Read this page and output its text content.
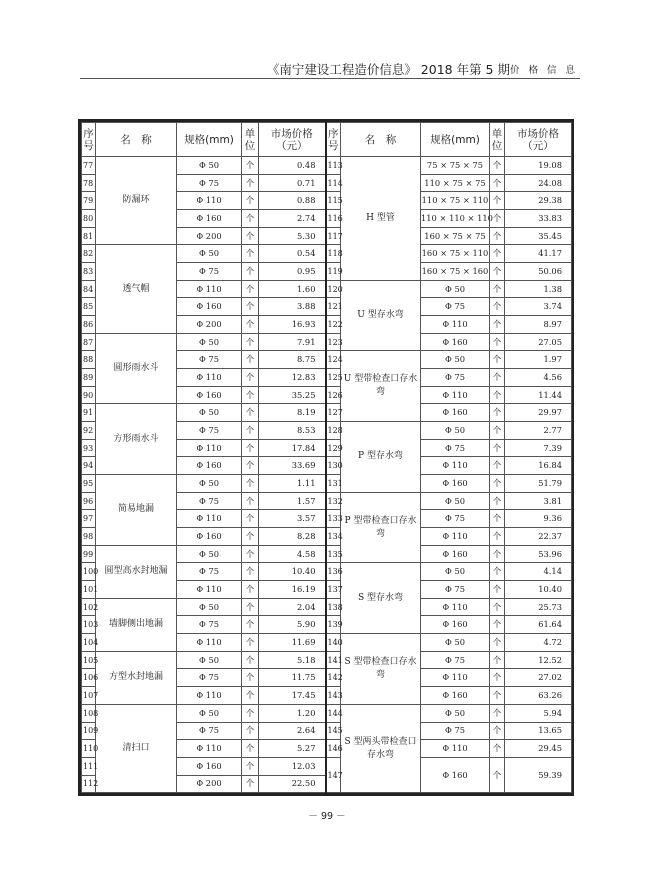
《南宁建设工程造价信息》 2018 年第 5 期 价 格 信 息
序号	名　称	规格(mm)	单位	市场价格（元）	序号	名　称	规格(mm)	单位	市场价格（元）
77	防漏环	Φ 50	个	0.48	113	H 型管	75 × 75 × 75	个	19.08
78		Φ 75	个	0.71	114		110 × 75 × 75	个	24.08
79		Φ 110	个	0.88	115		110 × 75 × 110	个	29.38
80		Φ 160	个	2.74	116		110 × 110 × 110	个	33.83
81		Φ 200	个	5.30	117		160 × 75 × 75	个	35.45
82	透气帽	Φ 50	个	0.54	118		160 × 75 × 110	个	41.17
83		Φ 75	个	0.95	119		160 × 75 × 160	个	50.06
84		Φ 110	个	1.60	120	U 型存水弯	Φ 50	个	1.38
85		Φ 160	个	3.88	121		Φ 75	个	3.74
86		Φ 200	个	16.93	122		Φ 110	个	8.97
87	圆形雨水斗	Φ 50	个	7.91	123		Φ 160	个	27.05
88		Φ 75	个	8.75	124	U 型带检查口存水弯	Φ 50	个	1.97
89		Φ 110	个	12.83	125		Φ 75	个	4.56
90		Φ 160	个	35.25	126		Φ 110	个	11.44
91	方形雨水斗	Φ 50	个	8.19	127		Φ 160	个	29.97
92		Φ 75	个	8.53	128	P 型存水弯	Φ 50	个	2.77
93		Φ 110	个	17.84	129		Φ 75	个	7.39
94		Φ 160	个	33.69	130		Φ 110	个	16.84
95	简易地漏	Φ 50	个	1.11	131		Φ 160	个	51.79
96		Φ 75	个	1.57	132	P 型带检查口存水弯	Φ 50	个	3.81
97		Φ 110	个	3.57	133		Φ 75	个	9.36
98		Φ 160	个	8.28	134		Φ 110	个	22.37
99	圆型高水封地漏	Φ 50	个	4.58	135		Φ 160	个	53.96
100		Φ 75	个	10.40	136	S 型存水弯	Φ 50	个	4.14
101		Φ 110	个	16.19	137		Φ 75	个	10.40
102	墙脚侧出地漏	Φ 50	个	2.04	138		Φ 110	个	25.73
103		Φ 75	个	5.90	139		Φ 160	个	61.64
104		Φ 110	个	11.69	140	S 型带检查口存水弯	Φ 50	个	4.72
105	方型水封地漏	Φ 50	个	5.18	141		Φ 75	个	12.52
106		Φ 75	个	11.75	142		Φ 110	个	27.02
107		Φ 110	个	17.45	143		Φ 160	个	63.26
108	清扫口	Φ 50	个	1.20	144	S 型两头带检查口存水弯	Φ 50	个	5.94
109		Φ 75	个	2.64	145		Φ 75	个	13.65
110		Φ 110	个	5.27	146		Φ 110	个	29.45
111		Φ 160	个	12.03	147		Φ 160	个	59.39
112		Φ 200	个	22.50					
－ 99 －
